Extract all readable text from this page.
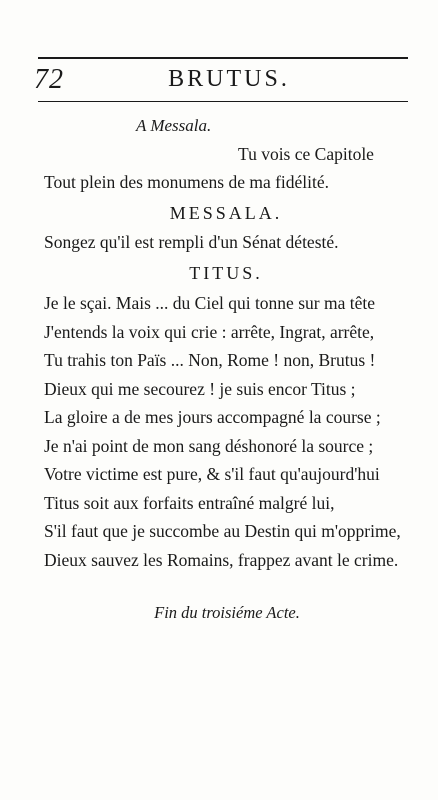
72	BRUTUS.
A Messala.
Tu vois ce Capitole
Tout plein des monumens de ma fidélité.
MESSALA.
Songez qu'il est rempli d'un Sénat détesté.
TITUS.
Je le sçai. Mais ... du Ciel qui tonne sur ma tête
J'entends la voix qui crie : arrête, Ingrat, arrête,
Tu trahis ton Païs ... Non, Rome ! non, Brutus !
Dieux qui me secourez ! je suis encor Titus ;
La gloire a de mes jours accompagné la course ;
Je n'ai point de mon sang déshonoré la source ;
Votre victime est pure, & s'il faut qu'aujourd'hui
Titus soit aux forfaits entraîné malgré lui,
S'il faut que je succombe au Destin qui m'opprime,
Dieux sauvez les Romains, frappez avant le crime.
Fin du troisiéme Acte.
